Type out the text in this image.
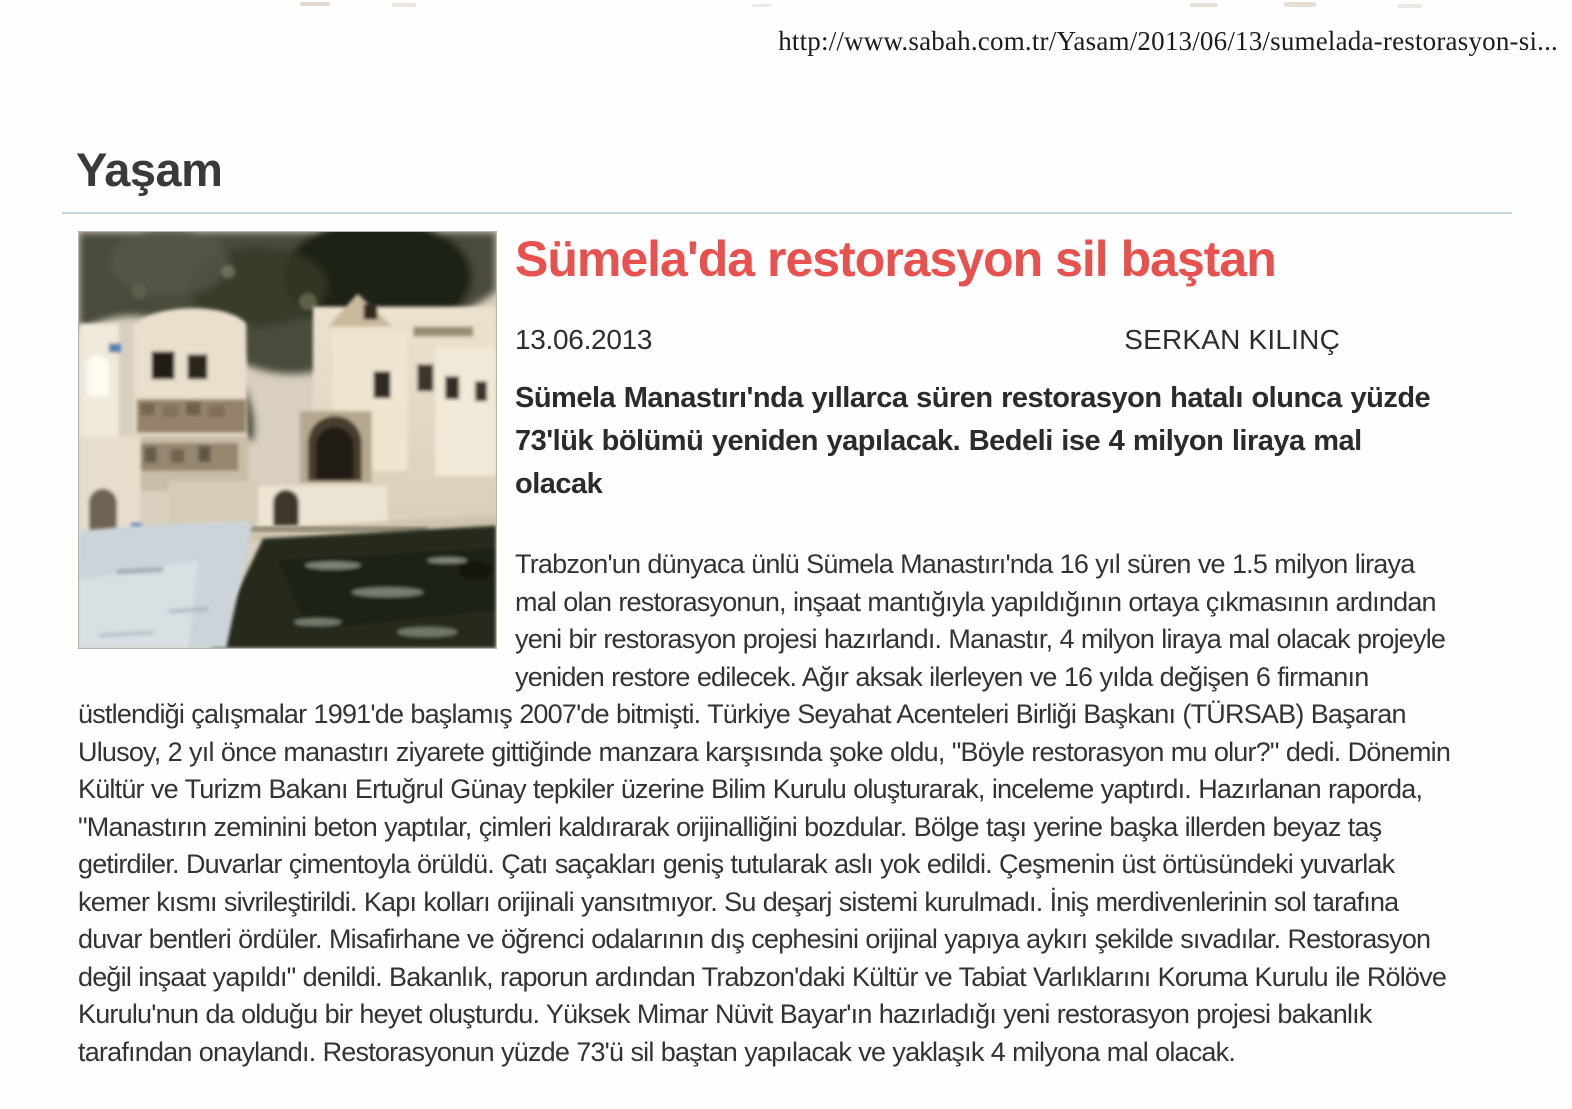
http://www.sabah.com.tr/Yasam/2013/06/13/sumelada-restorasyon-si...
Yaşam
Sümela'da restorasyon sil baştan
13.06.2013	SERKAN KILINÇ

Sümela Manastırı'nda yıllarca süren restorasyon hatalı olunca yüzde 73'lük bölümü yeniden yapılacak. Bedeli ise 4 milyon liraya mal olacak

Trabzon'un dünyaca ünlü Sümela Manastırı'nda 16 yıl süren ve 1.5 milyon liraya mal olan restorasyonun, inşaat mantığıyla yapıldığının ortaya çıkmasının ardından yeni bir restorasyon projesi hazırlandı. Manastır, 4 milyon liraya mal olacak projeyle yeniden restore edilecek. Ağır aksak ilerleyen ve 16 yılda değişen 6 firmanın üstlendiği çalışmalar 1991'de başlamış 2007'de bitmişti. Türkiye Seyahat Acenteleri Birliği Başkanı (TÜRSAB) Başaran Ulusoy, 2 yıl önce manastırı ziyarete gittiğinde manzara karşısında şoke oldu, "Böyle restorasyon mu olur?" dedi. Dönemin Kültür ve Turizm Bakanı Ertuğrul Günay tepkiler üzerine Bilim Kurulu oluşturarak, inceleme yaptırdı. Hazırlanan raporda, "Manastırın zeminini beton yaptılar, çimleri kaldırarak orijinalliğini bozdular. Bölge taşı yerine başka illerden beyaz taş getirdiler. Duvarlar çimentoyla örüldü. Çatı saçakları geniş tutularak aslı yok edildi. Çeşmenin üst örtüsündeki yuvarlak kemer kısmı sivrileştirildi. Kapı kolları orijinali yansıtmıyor. Su deşarj sistemi kurulmadı. İniş merdivenlerinin sol tarafına duvar bentleri ördüler. Misafirhane ve öğrenci odalarının dış cephesini orijinal yapıya aykırı şekilde sıvadılar. Restorasyon değil inşaat yapıldı" denildi. Bakanlık, raporun ardından Trabzon'daki Kültür ve Tabiat Varlıklarını Koruma Kurulu ile Rölöve Kurulu'nun da olduğu bir heyet oluşturdu. Yüksek Mimar Nüvit Bayar'ın hazırladığı yeni restorasyon projesi bakanlık tarafından onaylandı. Restorasyonun yüzde 73'ü sil baştan yapılacak ve yaklaşık 4 milyona mal olacak.
